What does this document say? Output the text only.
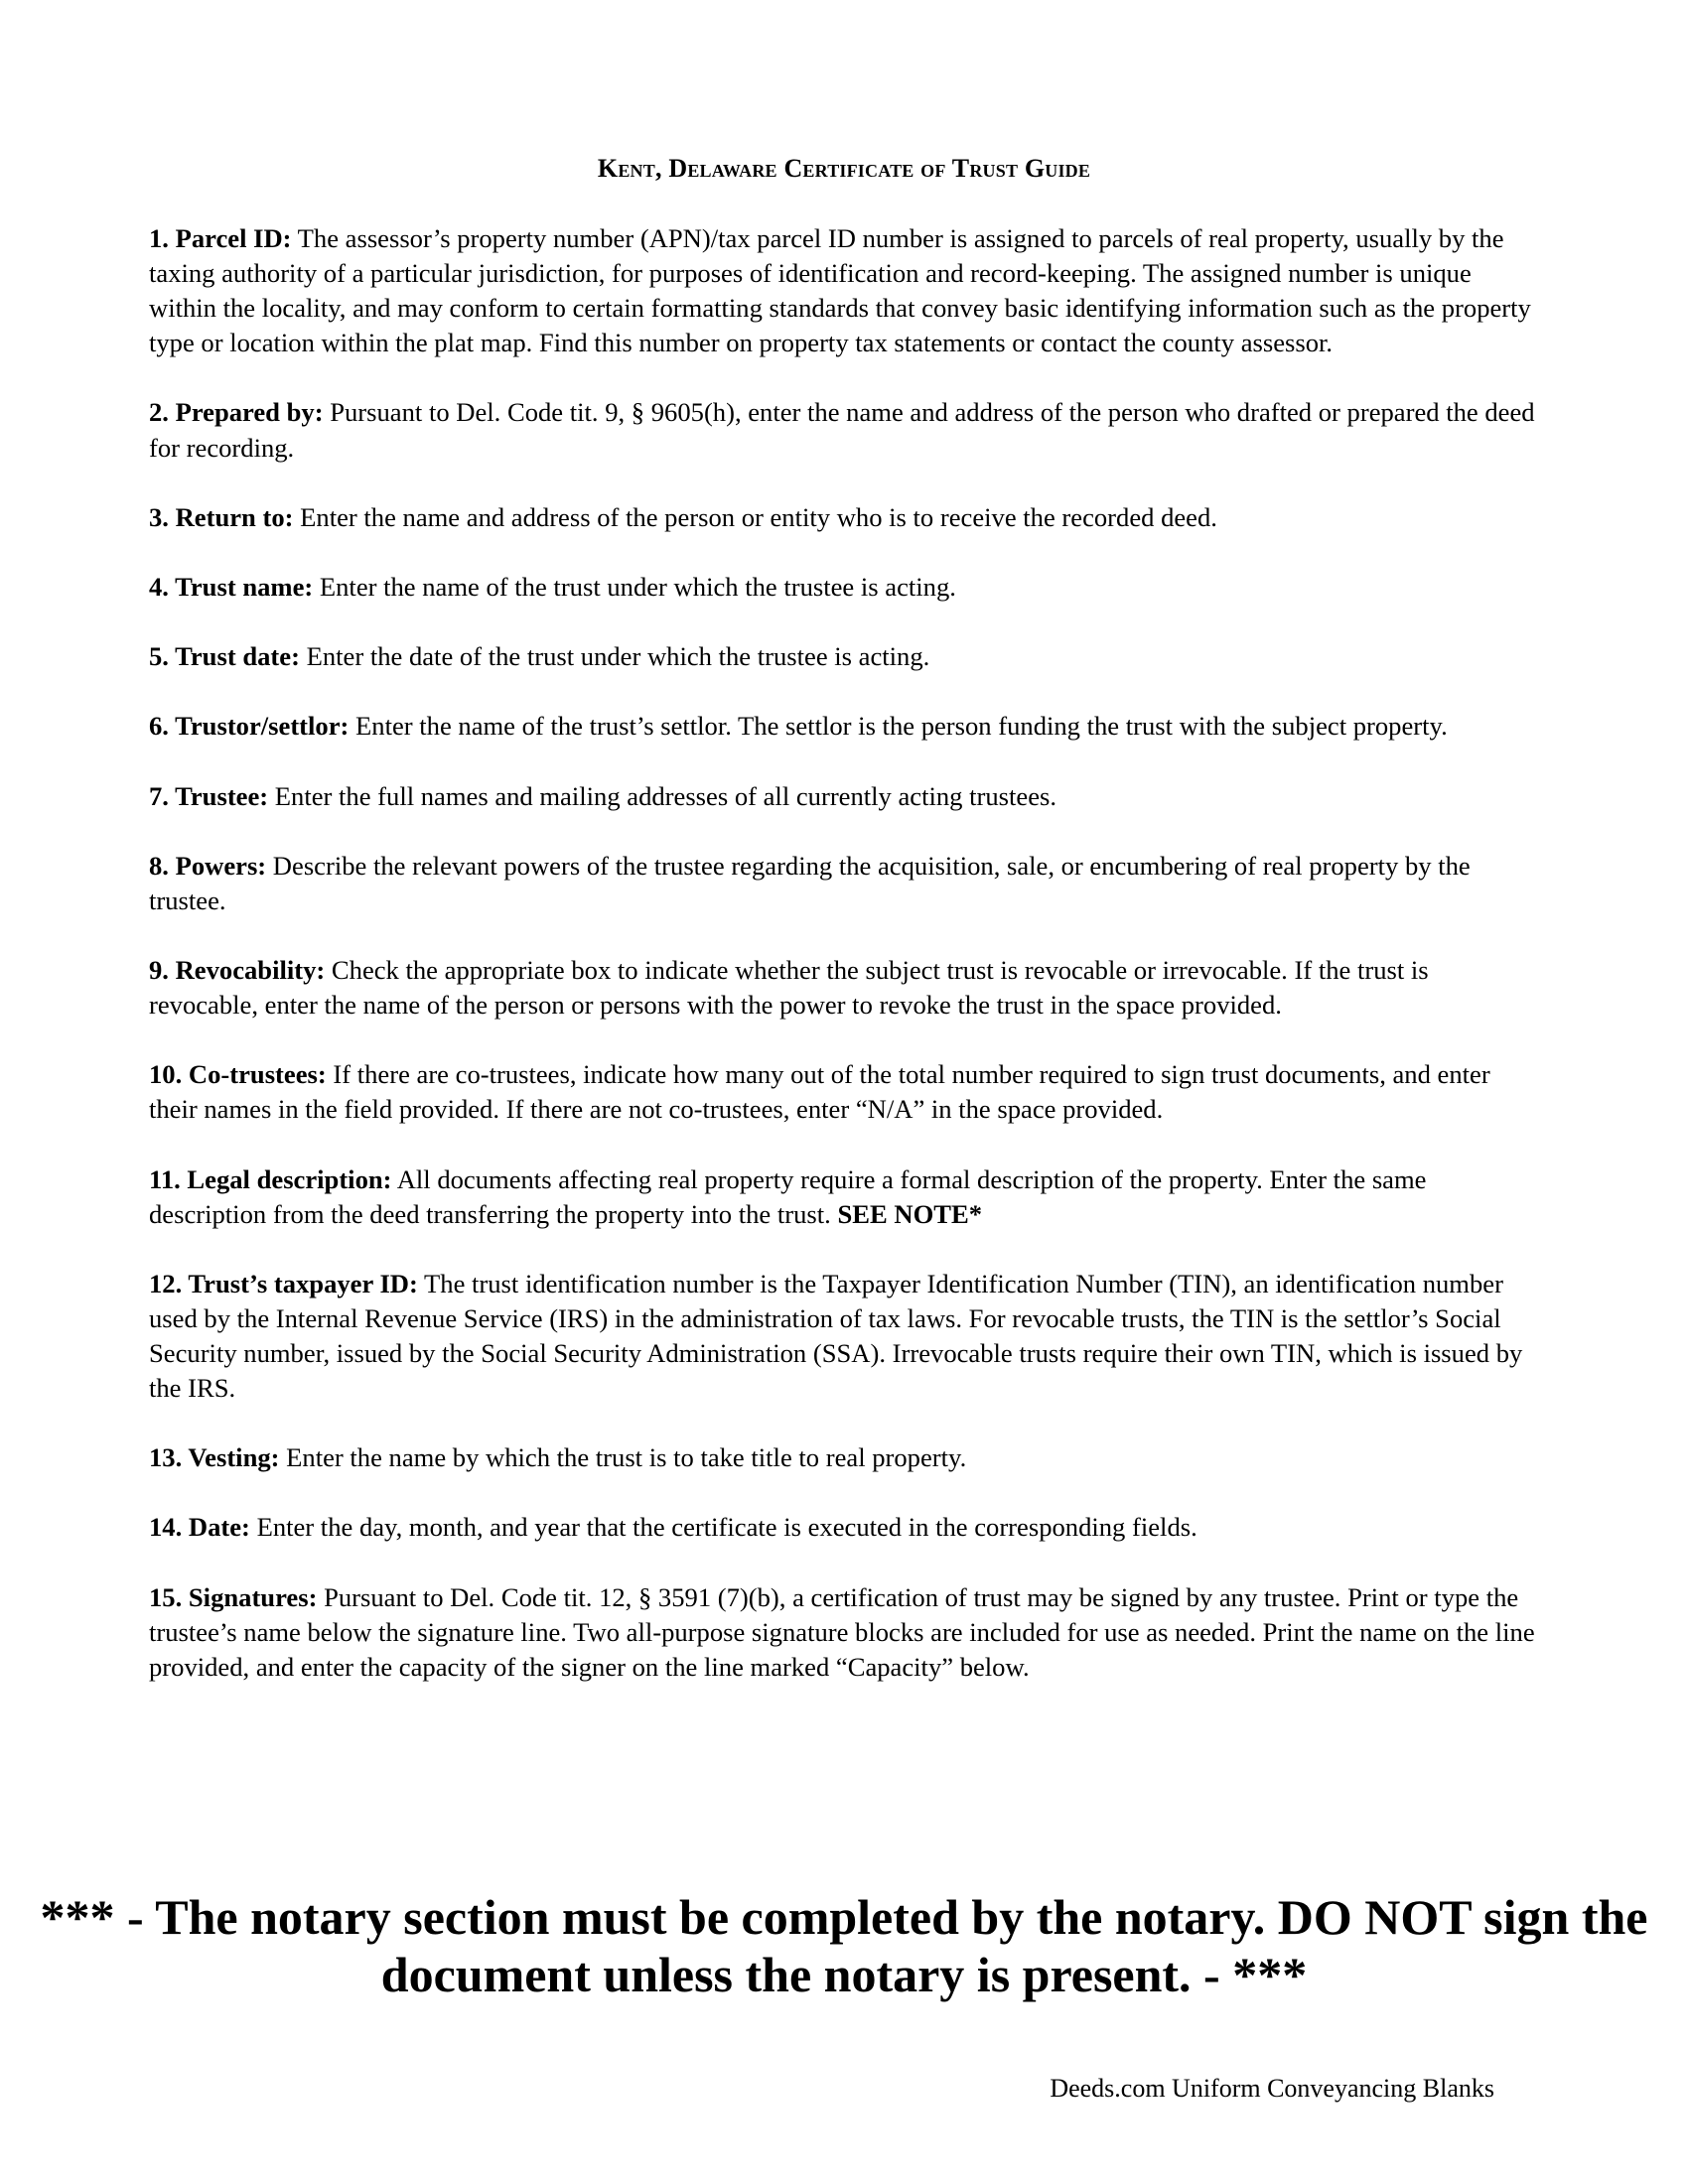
Kent, Delaware Certificate of Trust Guide
1. Parcel ID: The assessor’s property number (APN)/tax parcel ID number is assigned to parcels of real property, usually by the taxing authority of a particular jurisdiction, for purposes of identification and record-keeping. The assigned number is unique within the locality, and may conform to certain formatting standards that convey basic identifying information such as the property type or location within the plat map. Find this number on property tax statements or contact the county assessor.
2. Prepared by: Pursuant to Del. Code tit. 9, § 9605(h), enter the name and address of the person who drafted or prepared the deed for recording.
3. Return to: Enter the name and address of the person or entity who is to receive the recorded deed.
4. Trust name: Enter the name of the trust under which the trustee is acting.
5. Trust date: Enter the date of the trust under which the trustee is acting.
6. Trustor/settlor: Enter the name of the trust’s settlor. The settlor is the person funding the trust with the subject property.
7. Trustee: Enter the full names and mailing addresses of all currently acting trustees.
8. Powers: Describe the relevant powers of the trustee regarding the acquisition, sale, or encumbering of real property by the trustee.
9. Revocability: Check the appropriate box to indicate whether the subject trust is revocable or irrevocable. If the trust is revocable, enter the name of the person or persons with the power to revoke the trust in the space provided.
10. Co-trustees: If there are co-trustees, indicate how many out of the total number required to sign trust documents, and enter their names in the field provided. If there are not co-trustees, enter “N/A” in the space provided.
11. Legal description: All documents affecting real property require a formal description of the property. Enter the same description from the deed transferring the property into the trust. SEE NOTE*
12. Trust’s taxpayer ID: The trust identification number is the Taxpayer Identification Number (TIN), an identification number used by the Internal Revenue Service (IRS) in the administration of tax laws. For revocable trusts, the TIN is the settlor’s Social Security number, issued by the Social Security Administration (SSA). Irrevocable trusts require their own TIN, which is issued by the IRS.
13. Vesting: Enter the name by which the trust is to take title to real property.
14. Date: Enter the day, month, and year that the certificate is executed in the corresponding fields.
15. Signatures: Pursuant to Del. Code tit. 12, § 3591 (7)(b), a certification of trust may be signed by any trustee. Print or type the trustee’s name below the signature line. Two all-purpose signature blocks are included for use as needed. Print the name on the line provided, and enter the capacity of the signer on the line marked “Capacity” below.

*** - The notary section must be completed by the notary. DO NOT sign the document unless the notary is present. - ***

Deeds.com Uniform Conveyancing Blanks
